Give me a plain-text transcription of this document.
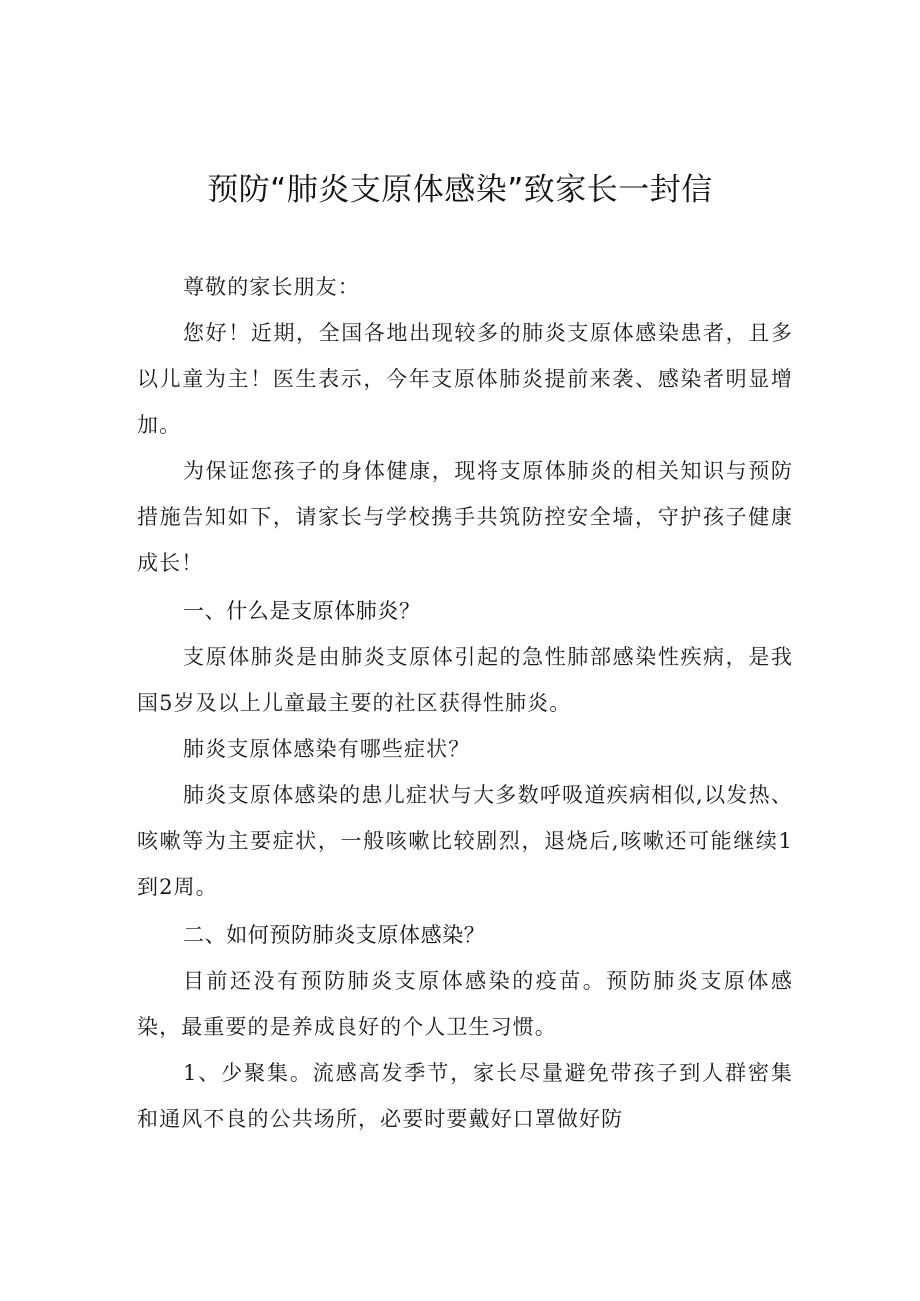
预防“肺炎支原体感染”致家长一封信

尊敬的家长朋友：

您好！近期，全国各地出现较多的肺炎支原体感染患者，且多以儿童为主！医生表示，今年支原体肺炎提前来袭、感染者明显增加。

为保证您孩子的身体健康，现将支原体肺炎的相关知识与预防措施告知如下，请家长与学校携手共筑防控安全墙，守护孩子健康成长！

一、什么是支原体肺炎？

支原体肺炎是由肺炎支原体引起的急性肺部感染性疾病，是我国5岁及以上儿童最主要的社区获得性肺炎。

肺炎支原体感染有哪些症状？

肺炎支原体感染的患儿症状与大多数呼吸道疾病相似,以发热、咳嗽等为主要症状，一般咳嗽比较剧烈，退烧后,咳嗽还可能继续1到2周。

二、如何预防肺炎支原体感染？

目前还没有预防肺炎支原体感染的疫苗。预防肺炎支原体感染，最重要的是养成良好的个人卫生习惯。

1、少聚集。流感高发季节，家长尽量避免带孩子到人群密集和通风不良的公共场所，必要时要戴好口罩做好防
